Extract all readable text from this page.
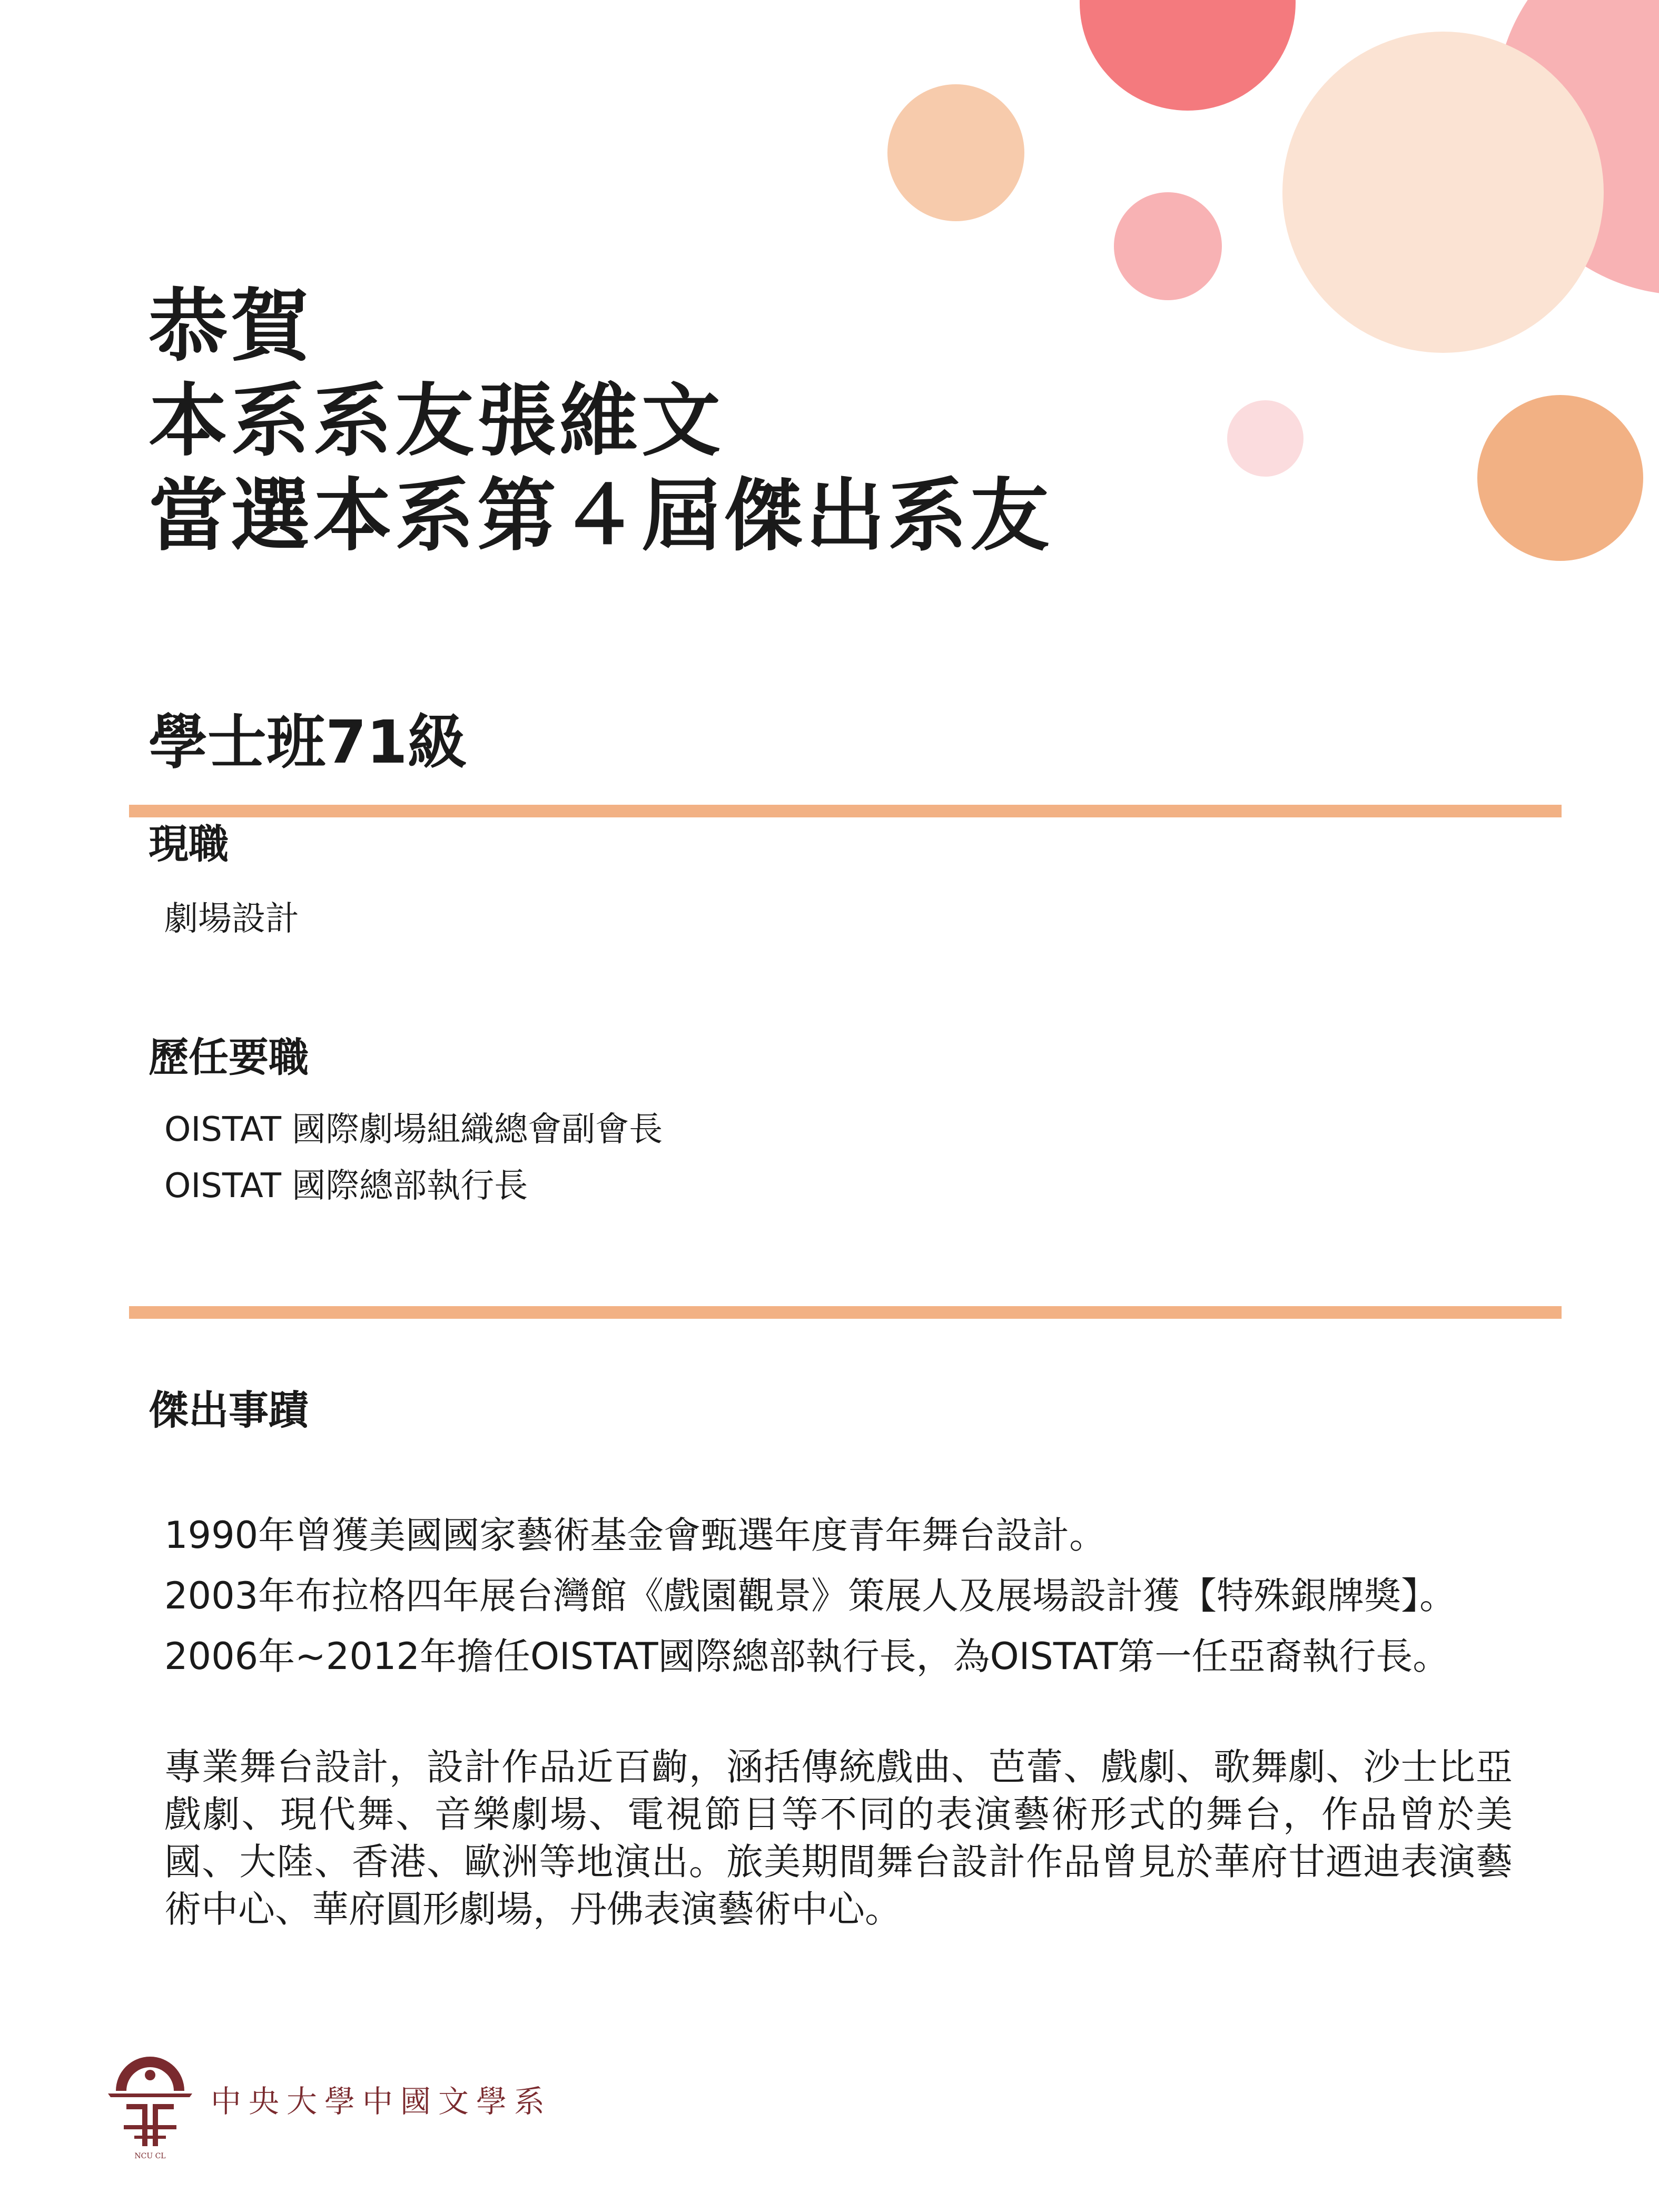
恭賀
本系系友張維文
當選本系第４屆傑出系友
學士班71級
現職

劇場設計

歷任要職

OISTAT 國際劇場組織總會副會長

OISTAT 國際總部執行長

傑出事蹟

1990年曾獲美國國家藝術基金會甄選年度青年舞台設計。

2003年布拉格四年展台灣館《戲園觀景》策展人及展場設計獲【特殊銀牌獎】。

2006年~2012年擔任OISTAT國際總部執行長，為OISTAT第一任亞裔執行長。

專業舞台設計，設計作品近百齣，涵括傳統戲曲、芭蕾、戲劇、歌舞劇、沙士比亞戲劇、現代舞、音樂劇場、電視節目等不同的表演藝術形式的舞台，作品曾於美國、大陸、香港、歐洲等地演出。旅美期間舞台設計作品曾見於華府甘迺迪表演藝術中心、華府圓形劇場，丹佛表演藝術中心。

NCU CL

中央大學中國文學系
